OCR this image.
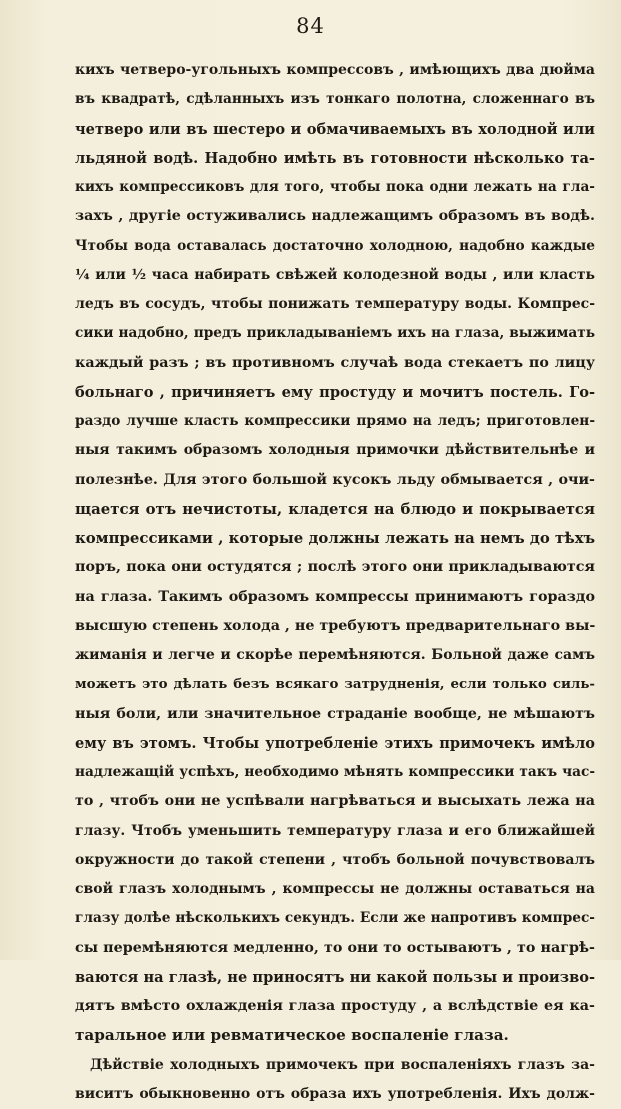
84
кихъ четверо-угольныхъ компрессовъ , имѣющихъ два дюйма
въ квадратѣ, сдѣланныхъ изъ тонкаго полотна, сложеннаго въ
четверо или въ шестеро и обмачиваемыхъ въ холодной или
льдяной водѣ. Надобно имѣть въ готовности нѣсколько та-
кихъ компрессиковъ для того, чтобы пока одни лежать на гла-
захъ , другіе остуживались надлежащимъ образомъ въ водѣ.
Чтобы вода оставалась достаточно холодною, надобно каждые
¼ или ½ часа набирать свѣжей колодезной воды , или класть
ледъ въ сосудъ, чтобы понижать температуру воды. Компрес-
сики надобно, предъ прикладываніемъ ихъ на глаза, выжимать
каждый разъ ; въ противномъ случаѣ вода стекаетъ по лицу
больнаго , причиняетъ ему простуду и мочитъ постель. Го-
раздо лучше класть компрессики прямо на ледъ; приготовлен-
ныя такимъ образомъ холодныя примочки дѣйствительнѣе и
полезнѣе. Для этого большой кусокъ льду обмывается , очи-
щается отъ нечистоты, кладется на блюдо и покрывается
компрессиками , которые должны лежать на немъ до тѣхъ
поръ, пока они остудятся ; послѣ этого они прикладываются
на глаза. Такимъ образомъ компрессы принимаютъ гораздо
высшую степень холода , не требуютъ предварительнаго вы-
жиманія и легче и скорѣе перемѣняются. Больной даже самъ
можетъ это дѣлать безъ всякаго затрудненія, если только силь-
ныя боли, или значительное страданіе вообще, не мѣшаютъ
ему въ этомъ. Чтобы употребленіе этихъ примочекъ имѣло
надлежащій успѣхъ, необходимо мѣнять компрессики такъ час-
то , чтобъ они не успѣвали нагрѣваться и высыхать лежа на
глазу. Чтобъ уменьшить температуру глаза и его ближайшей
окружности до такой степени , чтобъ больной почувствовалъ
свой глазъ холоднымъ , компрессы не должны оставаться на
глазу долѣе нѣсколькихъ секундъ. Если же напротивъ компрес-
сы перемѣняются медленно, то они то остываютъ , то нагрѣ-
ваются на глазѣ, не приносятъ ни какой пользы и произво-
дятъ вмѣсто охлажденія глаза простуду , а вслѣдствіе ея ка-
таральное или ревматическое воспаленіе глаза.
Дѣйствіе холодныхъ примочекъ при воспаленіяхъ глазъ за-
виситъ обыкновенно отъ образа ихъ употребленія. Ихъ долж-
